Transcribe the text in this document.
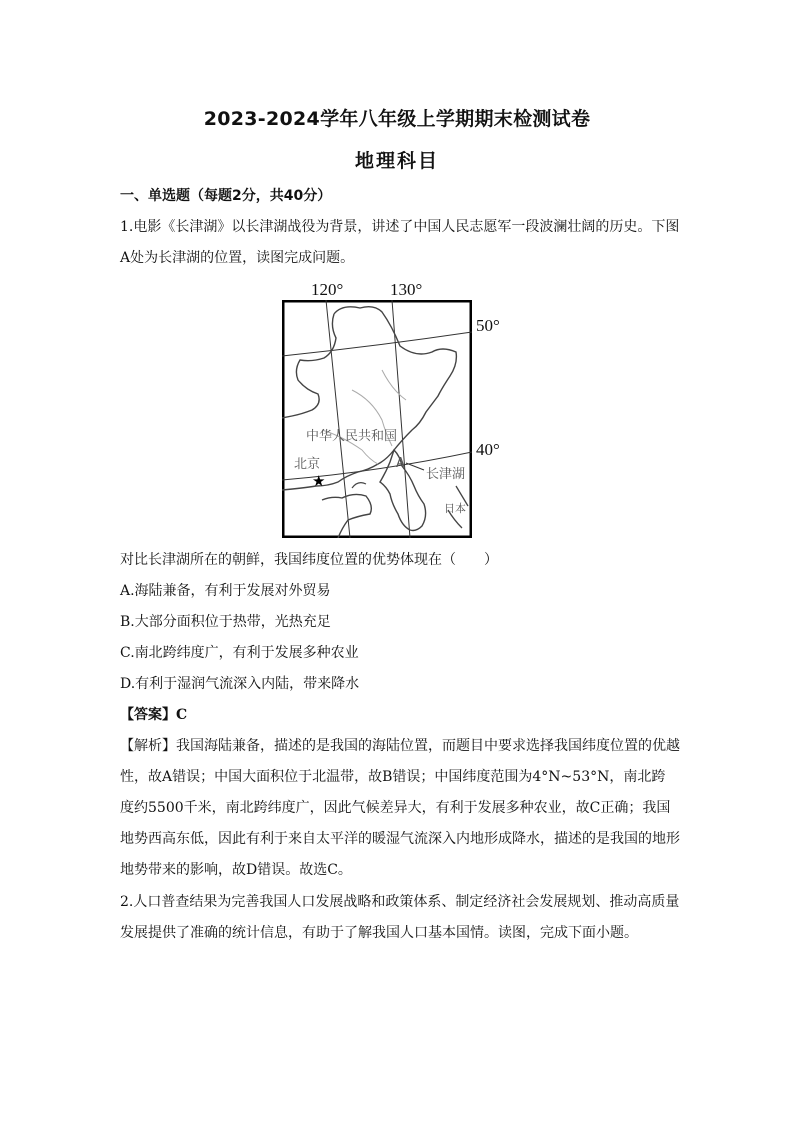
2023-2024学年八年级上学期期末检测试卷
地理科目
一、单选题（每题2分，共40分）
1.电影《长津湖》以长津湖战役为背景，讲述了中国人民志愿军一段波澜壮阔的历史。下图
A处为长津湖的位置，读图完成问题。
120°	130°
50°
40°
中华人民共和国
北京
★
A
长津湖
日本
对比长津湖所在的朝鲜，我国纬度位置的优势体现在（　　）
A.海陆兼备，有利于发展对外贸易
B.大部分面积位于热带，光热充足
C.南北跨纬度广，有利于发展多种农业
D.有利于湿润气流深入内陆，带来降水
【答案】C
【解析】我国海陆兼备，描述的是我国的海陆位置，而题目中要求选择我国纬度位置的优越
性，故A错误；中国大面积位于北温带，故B错误；中国纬度范围为4°N~53°N，南北跨
度约5500千米，南北跨纬度广，因此气候差异大，有利于发展多种农业，故C正确；我国
地势西高东低，因此有利于来自太平洋的暖湿气流深入内地形成降水，描述的是我国的地形
地势带来的影响，故D错误。故选C。
2.人口普查结果为完善我国人口发展战略和政策体系、制定经济社会发展规划、推动高质量
发展提供了准确的统计信息，有助于了解我国人口基本国情。读图，完成下面小题。
